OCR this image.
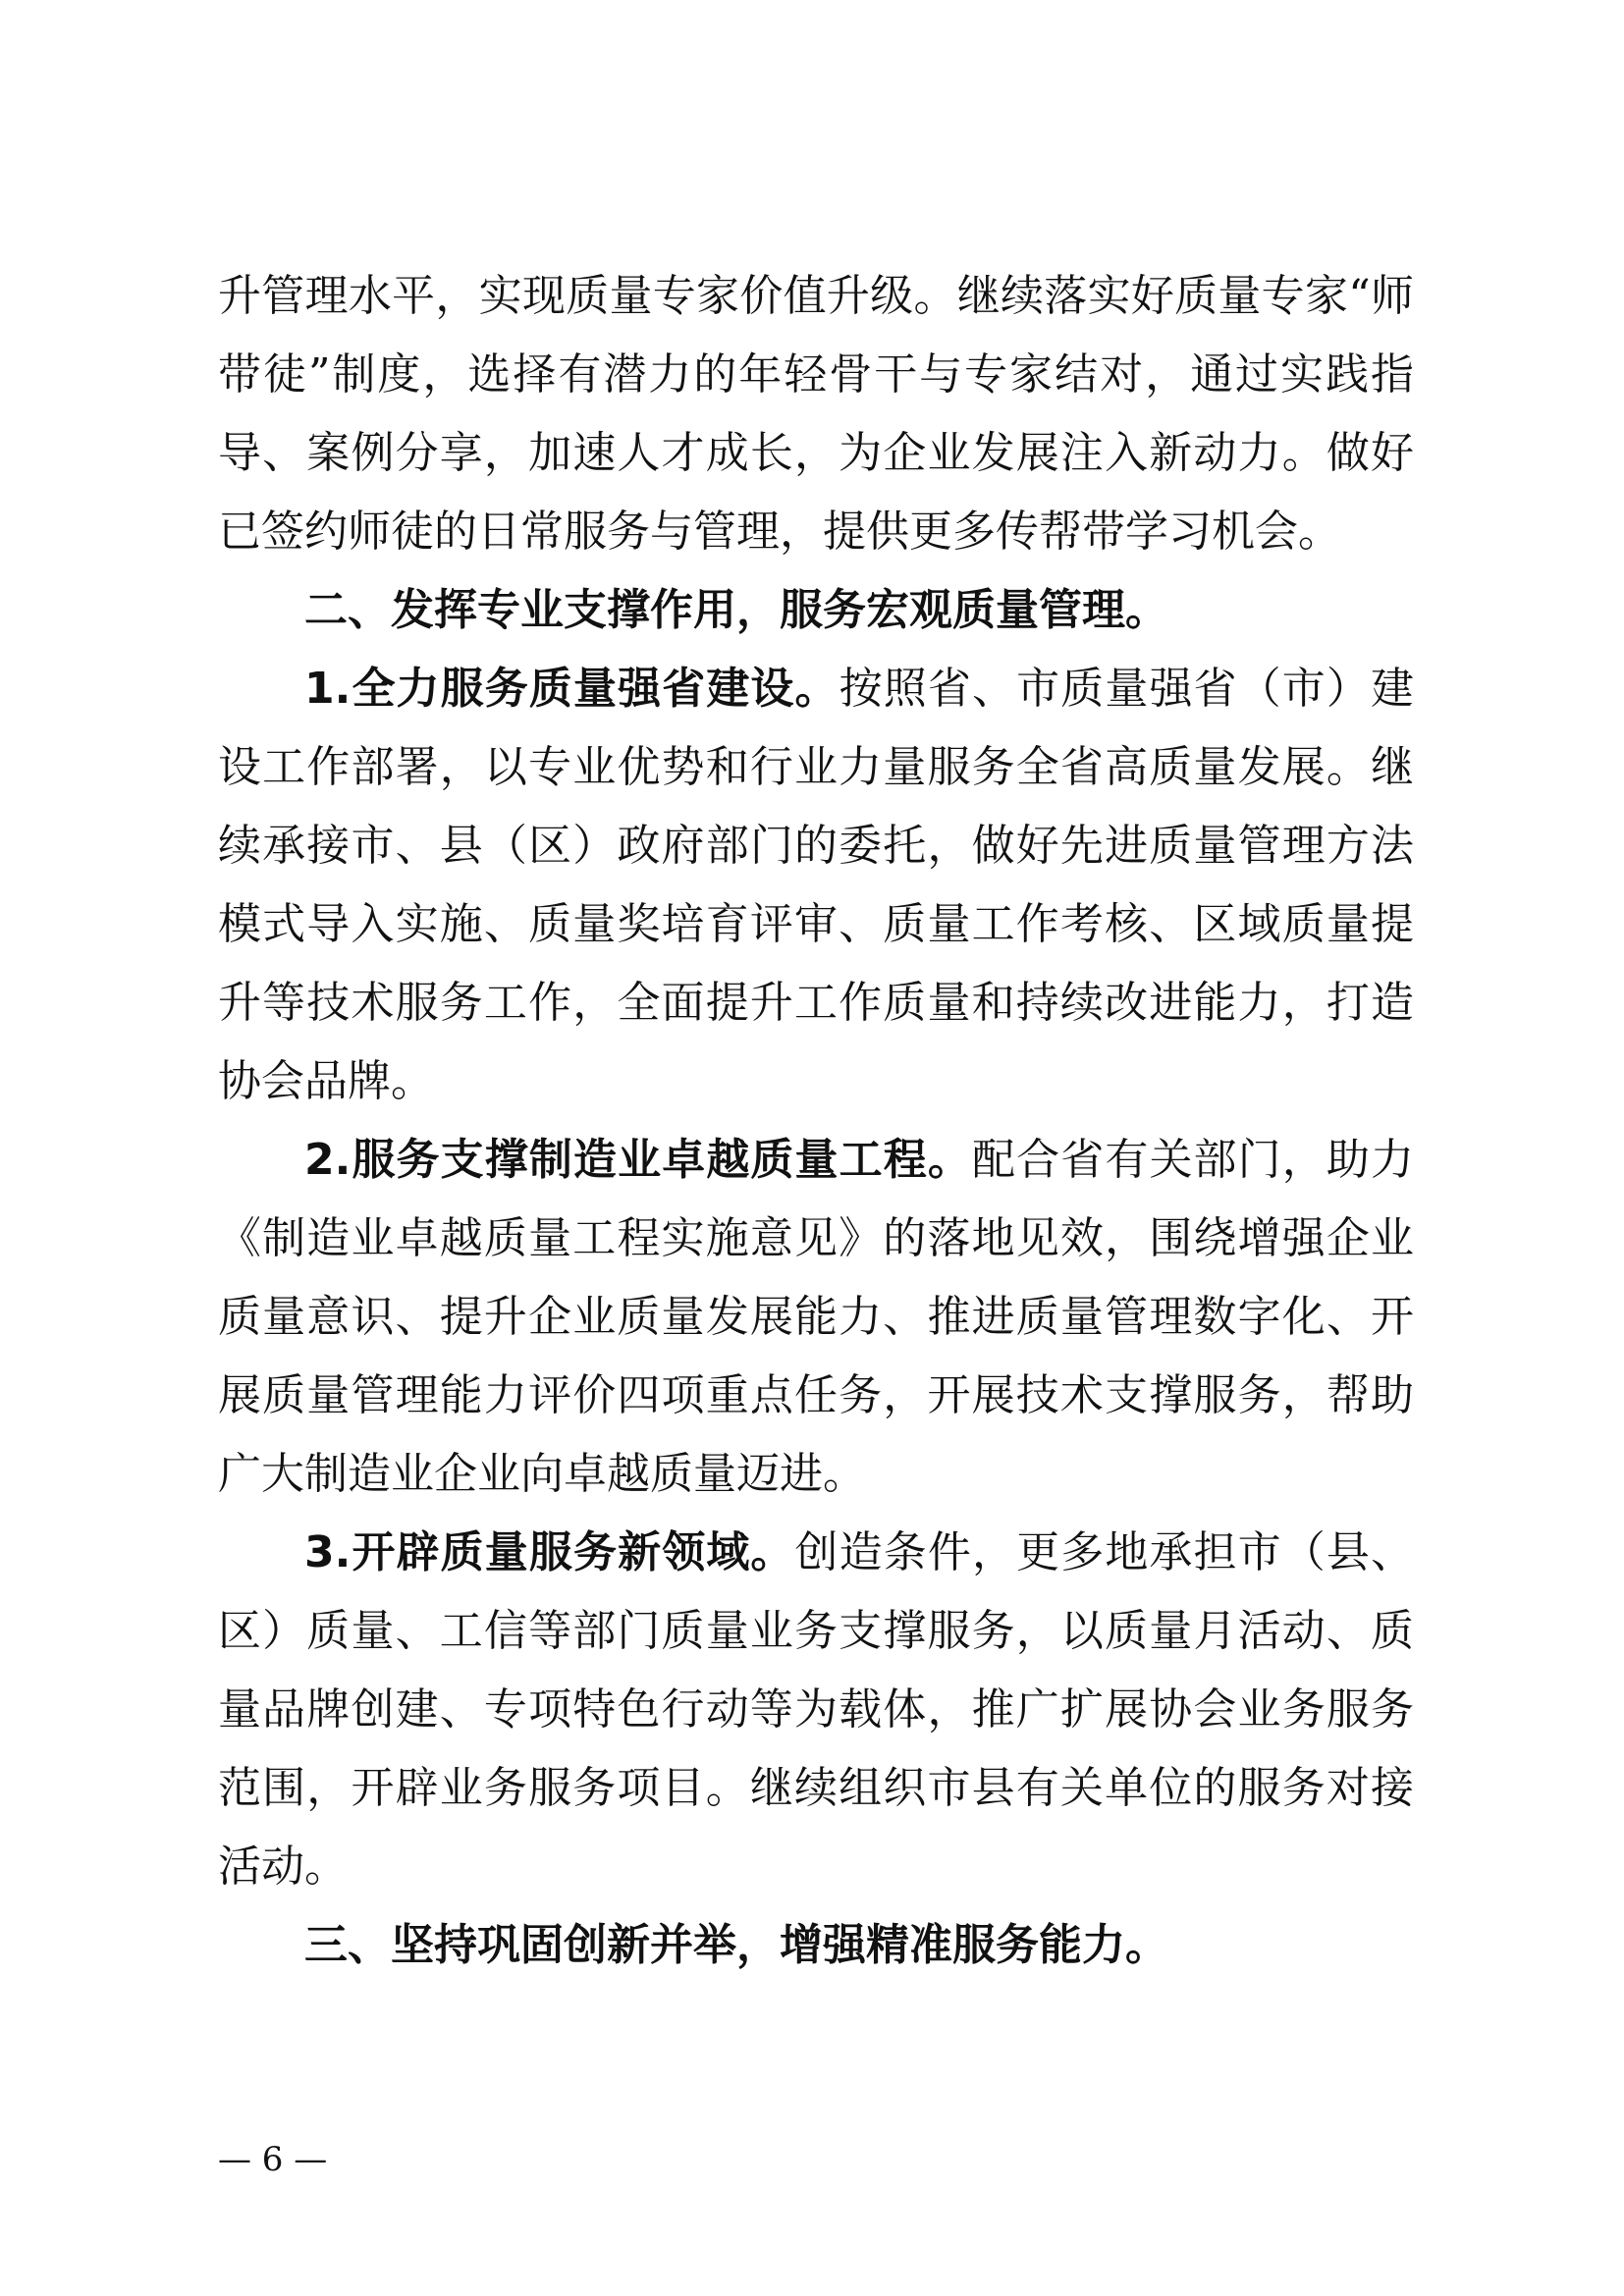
升管理水平，实现质量专家价值升级。继续落实好质量专家“师
带徒”制度，选择有潜力的年轻骨干与专家结对，通过实践指
导、案例分享，加速人才成长，为企业发展注入新动力。做好
已签约师徒的日常服务与管理，提供更多传帮带学习机会。
二、发挥专业支撑作用，服务宏观质量管理。
1.全力服务质量强省建设。按照省、市质量强省（市）建
设工作部署，以专业优势和行业力量服务全省高质量发展。继
续承接市、县（区）政府部门的委托，做好先进质量管理方法
模式导入实施、质量奖培育评审、质量工作考核、区域质量提
升等技术服务工作，全面提升工作质量和持续改进能力，打造
协会品牌。
2.服务支撑制造业卓越质量工程。配合省有关部门，助力
《制造业卓越质量工程实施意见》的落地见效，围绕增强企业
质量意识、提升企业质量发展能力、推进质量管理数字化、开
展质量管理能力评价四项重点任务，开展技术支撑服务，帮助
广大制造业企业向卓越质量迈进。
3.开辟质量服务新领域。创造条件，更多地承担市（县、
区）质量、工信等部门质量业务支撑服务，以质量月活动、质
量品牌创建、专项特色行动等为载体，推广扩展协会业务服务
范围，开辟业务服务项目。继续组织市县有关单位的服务对接
活动。
三、坚持巩固创新并举，增强精准服务能力。
— 6 —
